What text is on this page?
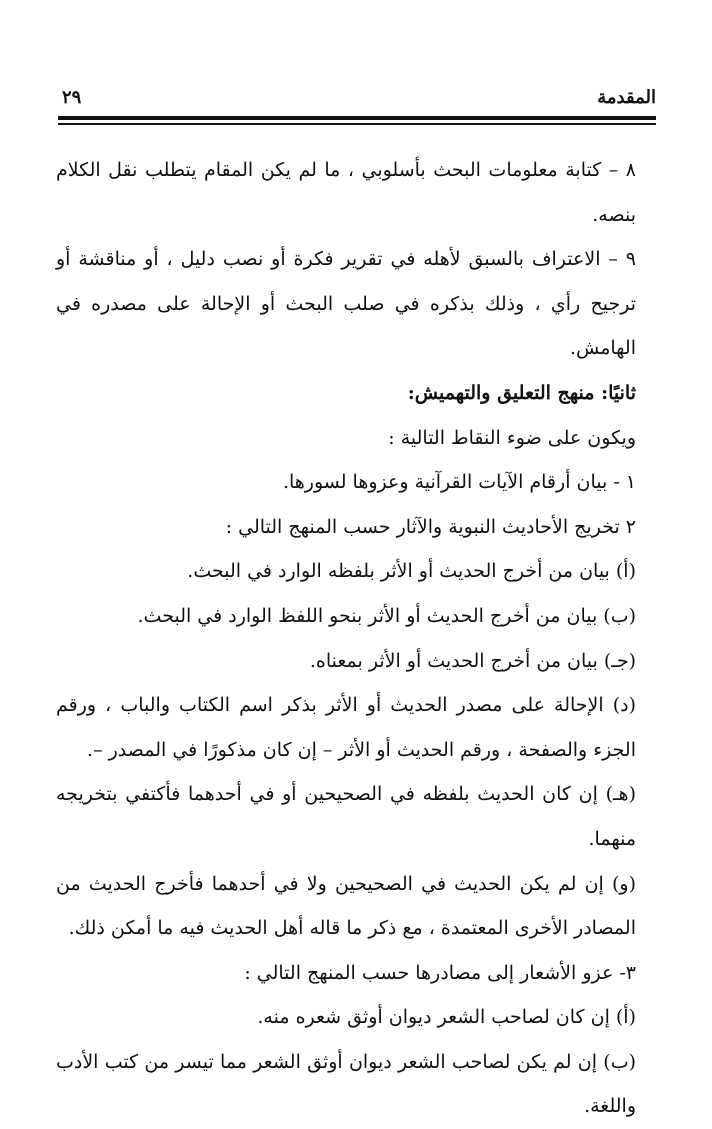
المقدمة
٢٩

٨ – كتابة معلومات البحث بأسلوبي ، ما لم يكن المقام يتطلب نقل الكلام بنصه.

٩ – الاعتراف بالسبق لأهله في تقرير فكرة أو نصب دليل ، أو مناقشة أو ترجيح رأي ، وذلك بذكره في صلب البحث أو الإحالة على مصدره في الهامش.

ثانيًا: منهج التعليق والتهميش:

ويكون على ضوء النقاط التالية :

١ - بيان أرقام الآيات القرآنية وعزوها لسورها.

٢ تخريج الأحاديث النبوية والآثار حسب المنهج التالي :

(أ) بيان من أخرج الحديث أو الأثر بلفظه الوارد في البحث.

(ب) بيان من أخرج الحديث أو الأثر بنحو اللفظ الوارد في البحث.

(جـ) بيان من أخرج الحديث أو الأثر بمعناه.

(د) الإحالة على مصدر الحديث أو الأثر بذكر اسم الكتاب والباب ، ورقم الجزء والصفحة ، ورقم الحديث أو الأثر – إن كان مذكورًا في المصدر –.

(هـ) إن كان الحديث بلفظه في الصحيحين أو في أحدهما فأكتفي بتخريجه منهما.

(و) إن لم يكن الحديث في الصحيحين ولا في أحدهما فأخرج الحديث من المصادر الأخرى المعتمدة ، مع ذكر ما قاله أهل الحديث فيه ما أمكن ذلك.

٣- عزو الأشعار إلى مصادرها حسب المنهج التالي :

(أ) إن كان لصاحب الشعر ديوان أوثق شعره منه.

(ب) إن لم يكن لصاحب الشعر ديوان أوثق الشعر مما تيسر من كتب الأدب واللغة.
